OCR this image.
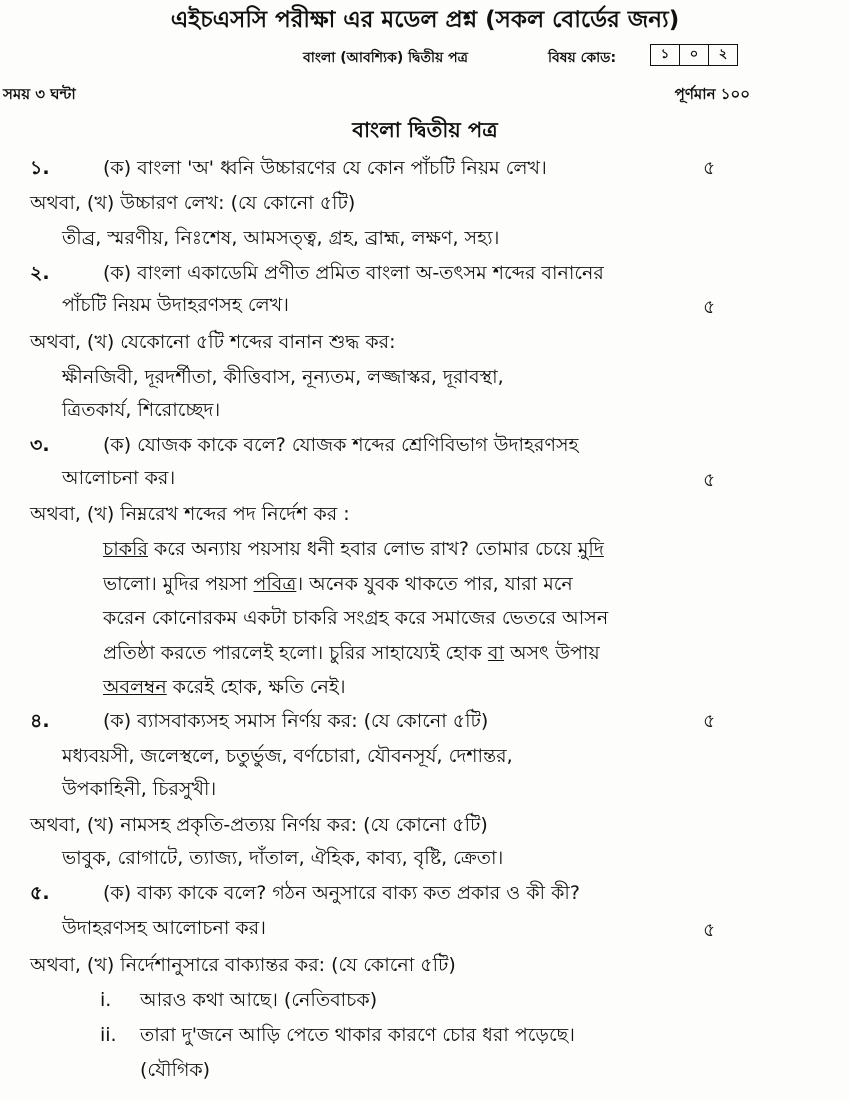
এইচএসসি পরীক্ষা এর মডেল প্রশ্ন (সকল বোর্ডের জন্য)
বাংলা (আবশ্যিক) দ্বিতীয় পত্র	বিষয় কোড:	১	০	২
সময় ৩ ঘন্টা	পূর্ণমান ১০০
বাংলা দ্বিতীয় পত্র
১.	(ক) বাংলা 'অ' ধ্বনি উচ্চারণের যে কোন পাঁচটি নিয়ম লেখ।	৫
অথবা, (খ) উচ্চারণ লেখ: (যে কোনো ৫টি)
তীব্র, স্মরণীয়, নিঃশেষ, আমসত্ত্ব, গ্রহ, ব্রাহ্ম, লক্ষণ, সহ্য।
২.	(ক) বাংলা একাডেমি প্রণীত প্রমিত বাংলা অ-তৎসম শব্দের বানানের
পাঁচটি নিয়ম উদাহরণসহ লেখ।	৫
অথবা, (খ) যেকোনো ৫টি শব্দের বানান শুদ্ধ কর:
ক্ষীনজিবী, দূরদর্শীতা, কীত্তিবাস, নূন্যতম, লজ্জাস্কর, দূরাবস্থা,
ত্রিতকার্য, শিরোচ্ছেদ।
৩.	(ক) যোজক কাকে বলে? যোজক শব্দের শ্রেণিবিভাগ উদাহরণসহ
আলোচনা কর।	৫
অথবা, (খ) নিম্নরেখ শব্দের পদ নির্দেশ কর :
চাকরি করে অন্যায় পয়সায় ধনী হবার লোভ রাখ? তোমার চেয়ে মুদি
ভালো। মুদির পয়সা পবিত্র। অনেক যুবক থাকতে পার, যারা মনে
করেন কোনোরকম একটা চাকরি সংগ্রহ করে সমাজের ভেতরে আসন
প্রতিষ্ঠা করতে পারলেই হলো। চুরির সাহায্যেই হোক বা অসৎ উপায়
অবলম্বন করেই হোক, ক্ষতি নেই।
৪.	(ক) ব্যাসবাক্যসহ সমাস নির্ণয় কর: (যে কোনো ৫টি)	৫
মধ্যবয়সী, জলেস্থলে, চতুর্ভুজ, বর্ণচোরা, যৌবনসূর্য, দেশান্তর,
উপকাহিনী, চিরসুখী।
অথবা, (খ) নামসহ প্রকৃতি-প্রত্যয় নির্ণয় কর: (যে কোনো ৫টি)
ভাবুক, রোগাটে, ত্যাজ্য, দাঁতাল, ঐহিক, কাব্য, বৃষ্টি, ক্রেতা।
৫.	(ক) বাক্য কাকে বলে? গঠন অনুসারে বাক্য কত প্রকার ও কী কী?
উদাহরণসহ আলোচনা কর।	৫
অথবা, (খ) নির্দেশানুসারে বাক্যান্তর কর: (যে কোনো ৫টি)
i. আরও কথা আছে। (নেতিবাচক)
ii. তারা দু'জনে আড়ি পেতে থাকার কারণে চোর ধরা পড়েছে।
(যৌগিক)
